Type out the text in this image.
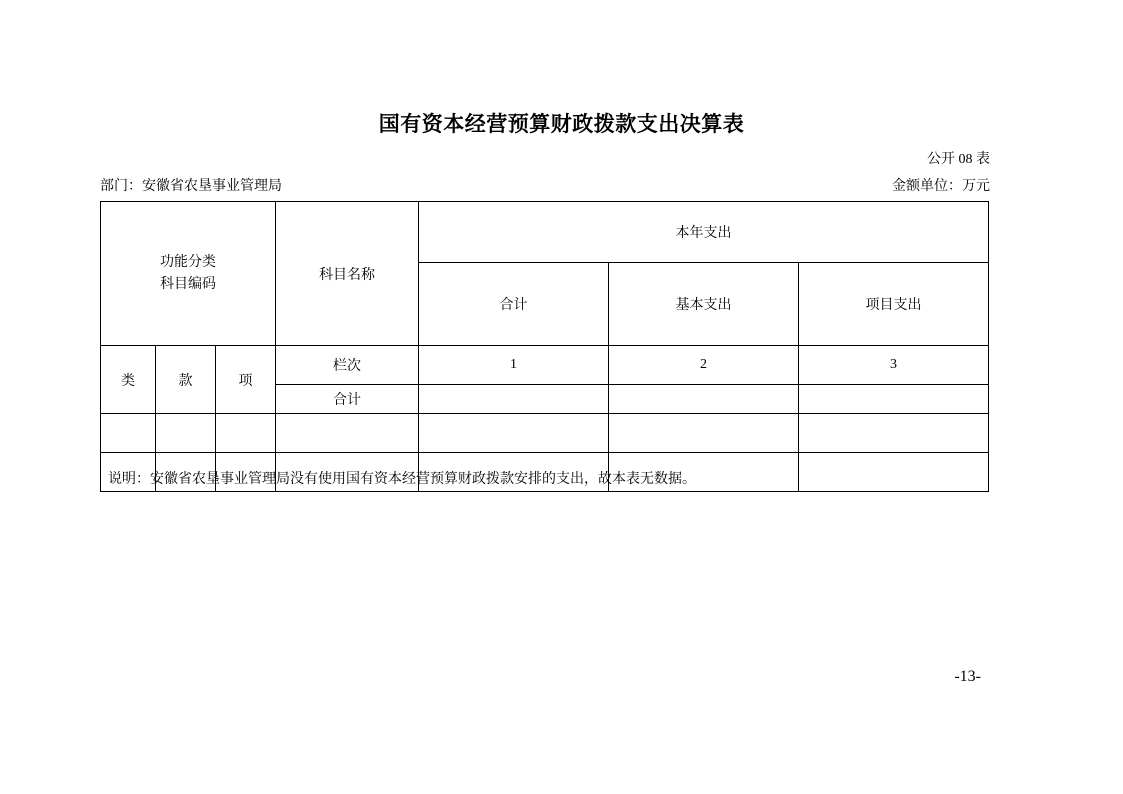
国有资本经营预算财政拨款支出决算表
公开 08 表
部门：安徽省农垦事业管理局	金额单位：万元
功能分类
科目编码			科目名称	本年支出		
				合计	基本支出	项目支出
类	款	项	栏次	1	2	3
			合计			

说明：安徽省农垦事业管理局没有使用国有资本经营预算财政拨款安排的支出，故本表无数据。
-13-
